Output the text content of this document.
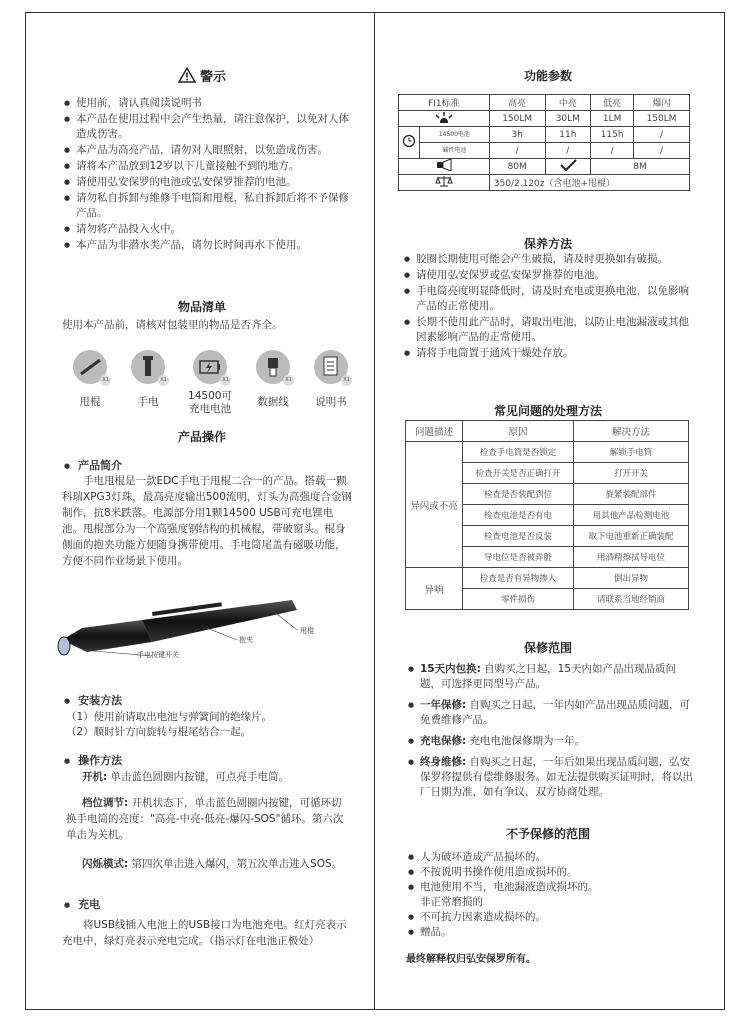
警示
● 使用前，请认真阅读说明书
● 本产品在使用过程中会产生热量，请注意保护，以免对人体造成伤害。
● 本产品为高亮产品，请勿对人眼照射，以免造成伤害。
● 请将本产品放到12岁以下儿童接触不到的地方。
● 请使用弘安保罗的电池或弘安保罗推荐的电池。
● 请勿私自拆卸与维修手电筒和甩棍，私自拆卸后将不予保修产品。
● 请勿将产品投入火中。
● 本产品为非潜水类产品，请勿长时间再水下使用。
物品清单
使用本产品前，请核对包装里的物品是否齐全。
X1
甩棍
X1
手电
X1
14500可
充电电池
X1
数据线
X1
说明书
产品操作
● 产品简介
手电甩棍是一款EDC手电于甩棍二合一的产品。搭载一颗科瑞XPG3灯珠，最高亮度输出500流明，灯头为高强度合金钢制作，抗8米跌落。电源部分用1颗14500 USB可充电锂电池。甩棍部分为一个高强度钢结构的机械棍，带破窗头。棍身侧面的抱夹功能方便随身携带使用。手电筒尾盖有磁吸功能，方便不同作业场景下使用。
手电按键开关
抱夹
甩棍
● 安装方法
（1）使用前请取出电池与弹簧间的绝缘片。
（2）顺时针方向旋转与棍尾结合一起。
● 操作方法
开机: 单击蓝色圆圈内按键，可点亮手电筒。
档位调节: 开机状态下，单击蓝色圆圈内按键，可循环切换手电筒的亮度："高亮-中亮-低亮-爆闪-SOS"循环。第六次单击为关机。
闪烁模式: 第四次单击进入爆闪，第五次单击进入SOS。
● 充电
将USB线插入电池上的USB接口为电池充电。红灯亮表示充电中，绿灯亮表示充电完成。（指示灯在电池正极处）
功能参数
FI1标准		高亮	中亮	低亮	爆闪
	150LM	30LM	1LM	150LM
	14500电池	3h	11h	115h	/
	碱性电池	/	/	/	/
	80M		8M	
	350/2.120z（含电池+甩棍）			
保养方法
● 胶圈长期使用可能会产生破损，请及时更换如有破损。
● 请使用弘安保罗或弘安保罗推荐的电池。
● 手电筒亮度明显降低时，请及时充电或更换电池，以免影响产品的正常使用。
● 长期不使用此产品时，请取出电池，以防止电池漏液或其他因素影响产品的正常使用。
● 请将手电筒置于通风干燥处存放。
常见问题的处理方法
问题描述	原因	解决方法
异闪或不亮	检查手电筒是否锁定	解锁手电筒
	检查开关是否正确打开	打开开关
	检查是否装配到位	旋紧装配部件
	检查电池是否有电	用其他产品检测电池
	检查电池是否反装	取下电池重新正确装配
	导电位是否被弄脏	用酒精擦拭导电位
异响	检查是否有异物掺入	倒出异物
	零件损伤	请联系当地经销商
保修范围
● 15天内包换: 自购买之日起，15天内如产品出现品质问题，可选择更同型号产品。
● 一年保修: 自购买之日起，一年内如产品出现品质问题，可免费维修产品。
● 充电保修: 充电电池保修期为一年。
● 终身维修: 自购买之日起，一年后如果出现品质问题，弘安保罗将提供有偿维修服务。如无法提供购买证明时，将以出厂日期为准，如有争议，双方协商处理。
不予保修的范围
● 人为破坏造成产品损坏的。
● 不按说明书操作使用造成损坏的。
● 电池使用不当，电池漏液造成损坏的。
非正常磨损的
● 不可抗力因素造成损坏的。
● 赠品。
最终解释权归弘安保罗所有。
